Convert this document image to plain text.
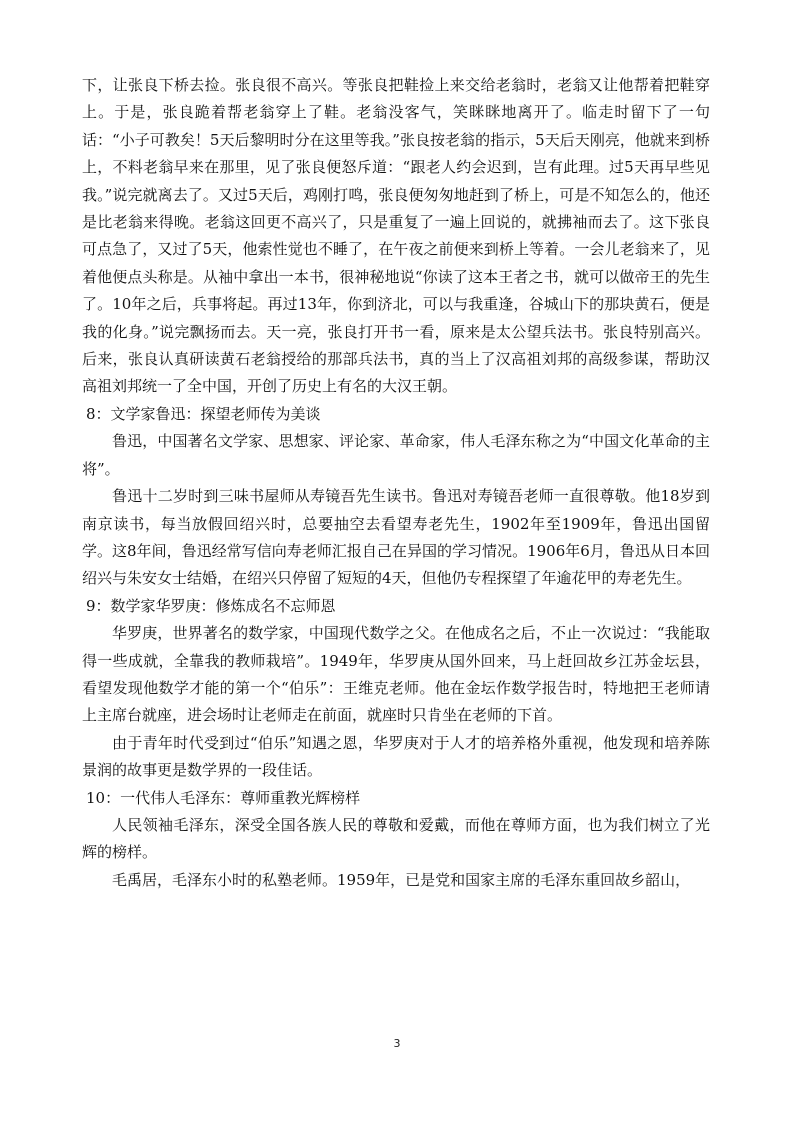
下，让张良下桥去捡。张良很不高兴。等张良把鞋捡上来交给老翁时，老翁又让他帮着把鞋穿上。于是，张良跪着帮老翁穿上了鞋。老翁没客气，笑眯眯地离开了。临走时留下了一句话：“小子可教矣！5天后黎明时分在这里等我。”张良按老翁的指示，5天后天刚亮，他就来到桥上，不料老翁早来在那里，见了张良便怒斥道：“跟老人约会迟到，岂有此理。过5天再早些见我。”说完就离去了。又过5天后，鸡刚打鸣，张良便匆匆地赶到了桥上，可是不知怎么的，他还是比老翁来得晚。老翁这回更不高兴了，只是重复了一遍上回说的，就拂袖而去了。这下张良可点急了，又过了5天，他索性觉也不睡了，在午夜之前便来到桥上等着。一会儿老翁来了，见着他便点头称是。从袖中拿出一本书，很神秘地说“你读了这本王者之书，就可以做帝王的先生了。10年之后，兵事将起。再过13年，你到济北，可以与我重逢，谷城山下的那块黄石，便是我的化身。”说完飘扬而去。天一亮，张良打开书一看，原来是太公望兵法书。张良特别高兴。后来，张良认真研读黄石老翁授给的那部兵法书，真的当上了汉高祖刘邦的高级参谋，帮助汉高祖刘邦统一了全中国，开创了历史上有名的大汉王朝。

8：文学家鲁迅：探望老师传为美谈

鲁迅，中国著名文学家、思想家、评论家、革命家，伟人毛泽东称之为“中国文化革命的主将”。

鲁迅十二岁时到三味书屋师从寿镜吾先生读书。鲁迅对寿镜吾老师一直很尊敬。他18岁到南京读书，每当放假回绍兴时，总要抽空去看望寿老先生，1902年至1909年，鲁迅出国留学。这8年间，鲁迅经常写信向寿老师汇报自己在异国的学习情况。1906年6月，鲁迅从日本回绍兴与朱安女士结婚，在绍兴只停留了短短的4天，但他仍专程探望了年逾花甲的寿老先生。

9：数学家华罗庚：修炼成名不忘师恩

华罗庚，世界著名的数学家，中国现代数学之父。在他成名之后，不止一次说过：“我能取得一些成就，全靠我的教师栽培”。1949年，华罗庚从国外回来，马上赶回故乡江苏金坛县，看望发现他数学才能的第一个“伯乐”：王维克老师。他在金坛作数学报告时，特地把王老师请上主席台就座，进会场时让老师走在前面，就座时只肯坐在老师的下首。

由于青年时代受到过“伯乐”知遇之恩，华罗庚对于人才的培养格外重视，他发现和培养陈景润的故事更是数学界的一段佳话。

10：一代伟人毛泽东：尊师重教光辉榜样

人民领袖毛泽东，深受全国各族人民的尊敬和爱戴，而他在尊师方面，也为我们树立了光辉的榜样。

毛禹居，毛泽东小时的私塾老师。1959年，已是党和国家主席的毛泽东重回故乡韶山，

3
